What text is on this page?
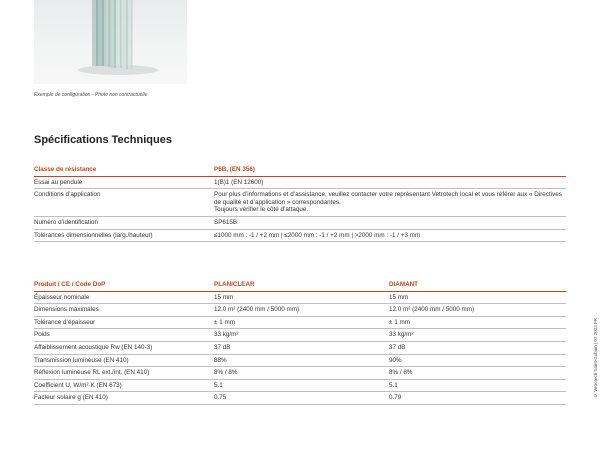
Exemple de configuration - Photo non contractuelle
Spécifications Techniques
Classe de résistance	P6B, (EN 356)
Essai au pendule	1(B)1 (EN 12600)
Conditions d’application	Pour plus d’informations et d’assistance, veuillez contacter votre représentant Vetrotech local et vous référer aux « Directives de qualité et d’application » correspondantes.
Toujours vérifier le côté d’attaque.

Numéro d’identification	SP615B
Tolérances dimensionnelles (larg./hauteur)	≤1000 mm : -1 / +2 mm | ≤2000 mm : -1 / +2 mm | >2000 mm : -1 / +3 mm
Produit / CE / Code DoP	PLANICLEAR	DIAMANT
Épaisseur nominale	15 mm	15 mm
Dimensions maximales	12.0 m² (2400 mm / 5000 mm)	12.0 m² (2400 mm / 5000 mm)
Tolérance d’épaisseur	± 1 mm	± 1 mm
Poids	33 kg/m²	33 kg/m²
Affaiblissement acoustique Rw (EN 140-3)	37 dB	37 dB
Transmission lumineuse (EN 410)	88%	90%
Réflexion lumineuse RL ext./int. (EN 410)	8% / 8%	8% / 8%
Coefficient U, W/m²·K (EN 673)	5.1	5.1
Facteur solaire g (EN 410)	0.75	0.79	© Vetrotech Saint-Gobain | 07.2023 FR
